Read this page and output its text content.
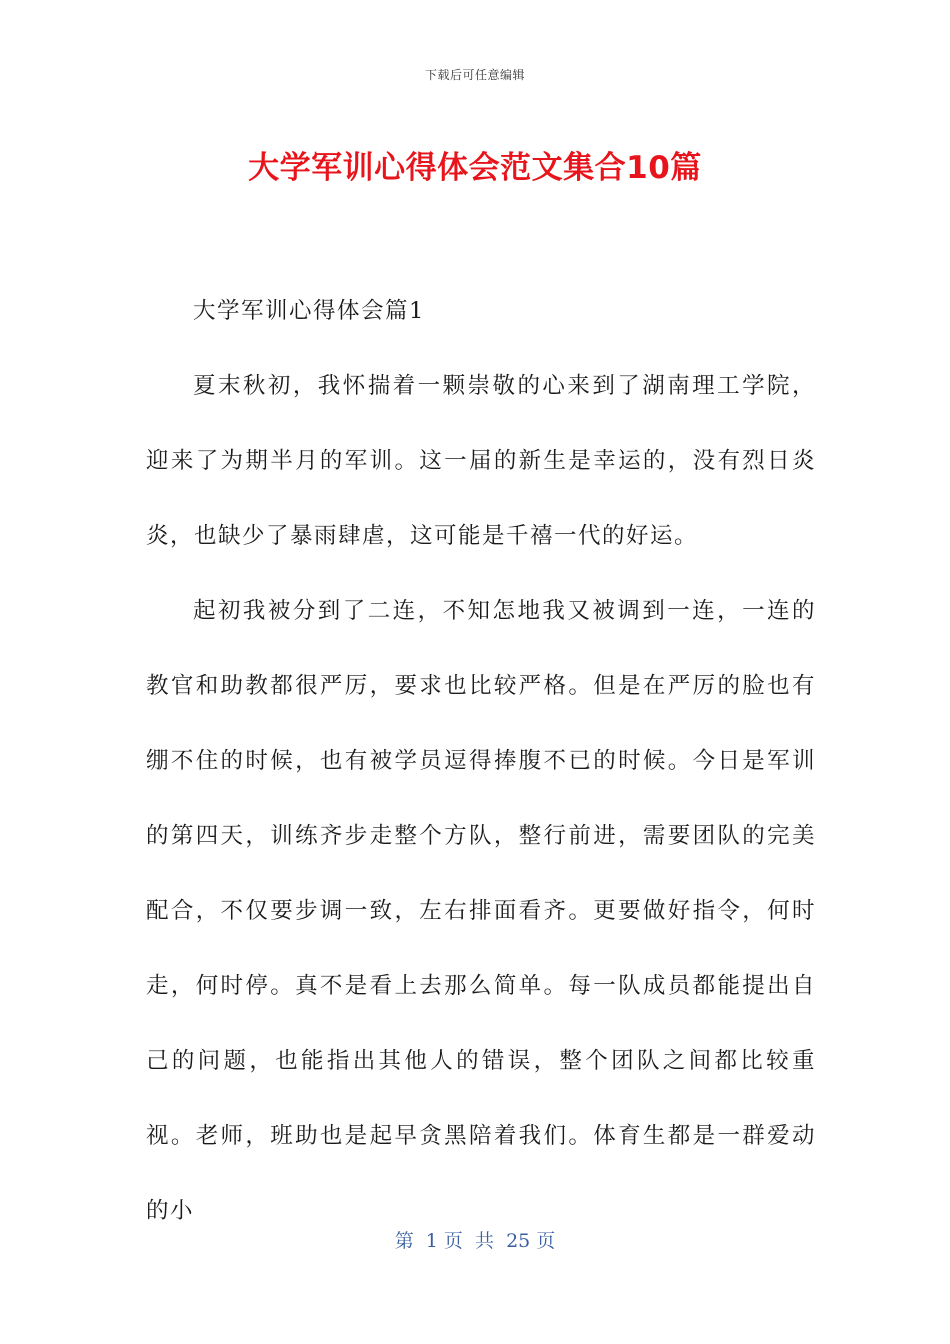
下载后可任意编辑
大学军训心得体会范文集合10篇

大学军训心得体会篇1

夏末秋初，我怀揣着一颗崇敬的心来到了湖南理工学院，迎来了为期半月的军训。这一届的新生是幸运的，没有烈日炎炎，也缺少了暴雨肆虐，这可能是千禧一代的好运。

起初我被分到了二连，不知怎地我又被调到一连，一连的教官和助教都很严厉，要求也比较严格。但是在严厉的脸也有绷不住的时候，也有被学员逗得捧腹不已的时候。今日是军训的第四天，训练齐步走整个方队，整行前进，需要团队的完美配合，不仅要步调一致，左右排面看齐。更要做好指令，何时走，何时停。真不是看上去那么简单。每一队成员都能提出自己的问题，也能指出其他人的错误，整个团队之间都比较重视。老师，班助也是起早贪黑陪着我们。体育生都是一群爱动的小

第  1 页  共  25 页
